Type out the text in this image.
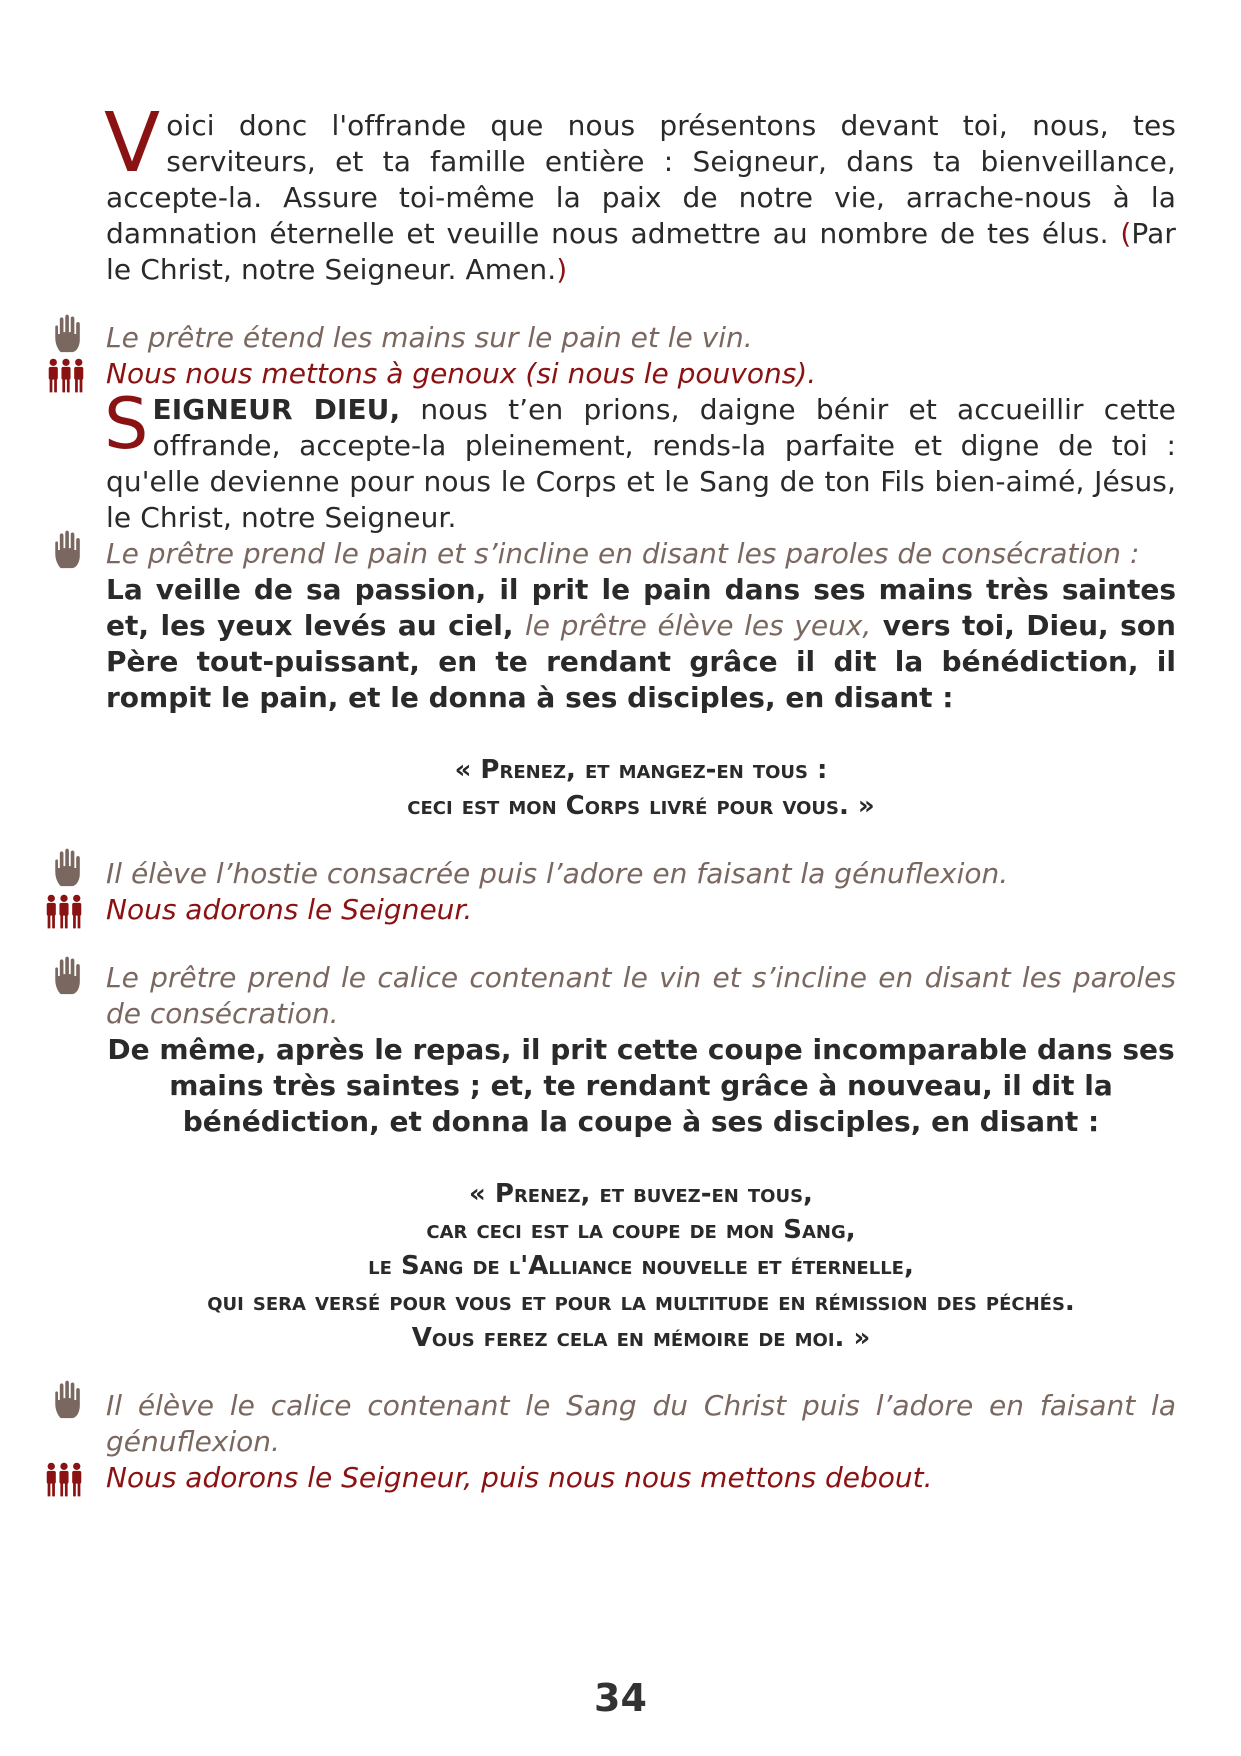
Voici donc l'offrande que nous présentons devant toi, nous, tes serviteurs, et ta famille entière : Seigneur, dans ta bienveillance, accepte-la. Assure toi-même la paix de notre vie, arrache-nous à la damnation éternelle et veuille nous admettre au nombre de tes élus. (Par le Christ, notre Seigneur. Amen.)

Le prêtre étend les mains sur le pain et le vin.
Nous nous mettons à genoux (si nous le pouvons).

SEIGNEUR DIEU, nous t’en prions, daigne bénir et accueillir cette offrande, accepte-la pleinement, rends-la parfaite et digne de toi : qu'elle devienne pour nous le Corps et le Sang de ton Fils bien-aimé, Jésus, le Christ, notre Seigneur.

Le prêtre prend le pain et s’incline en disant les paroles de consécration :

La veille de sa passion, il prit le pain dans ses mains très saintes et, les yeux levés au ciel, le prêtre élève les yeux, vers toi, Dieu, son Père tout-puissant, en te rendant grâce il dit la bénédiction, il rompit le pain, et le donna à ses disciples, en disant :

« Prenez, et mangez-en tous :
ceci est mon Corps livré pour vous. »
Il élève l’hostie consacrée puis l’adore en faisant la génuflexion.
Nous adorons le Seigneur.
Le prêtre prend le calice contenant le vin et s’incline en disant les paroles de consécration.
De même, après le repas, il prit cette coupe incomparable dans ses mains très saintes ; et, te rendant grâce à nouveau, il dit la bénédiction, et donna la coupe à ses disciples, en disant :
« Prenez, et buvez-en tous,
car ceci est la coupe de mon Sang,
le Sang de l'Alliance nouvelle et éternelle,
qui sera versé pour vous et pour la multitude en rémission des péchés.
Vous ferez cela en mémoire de moi. »
Il élève le calice contenant le Sang du Christ puis l’adore en faisant la génuflexion.
Nous adorons le Seigneur, puis nous nous mettons debout.
34
